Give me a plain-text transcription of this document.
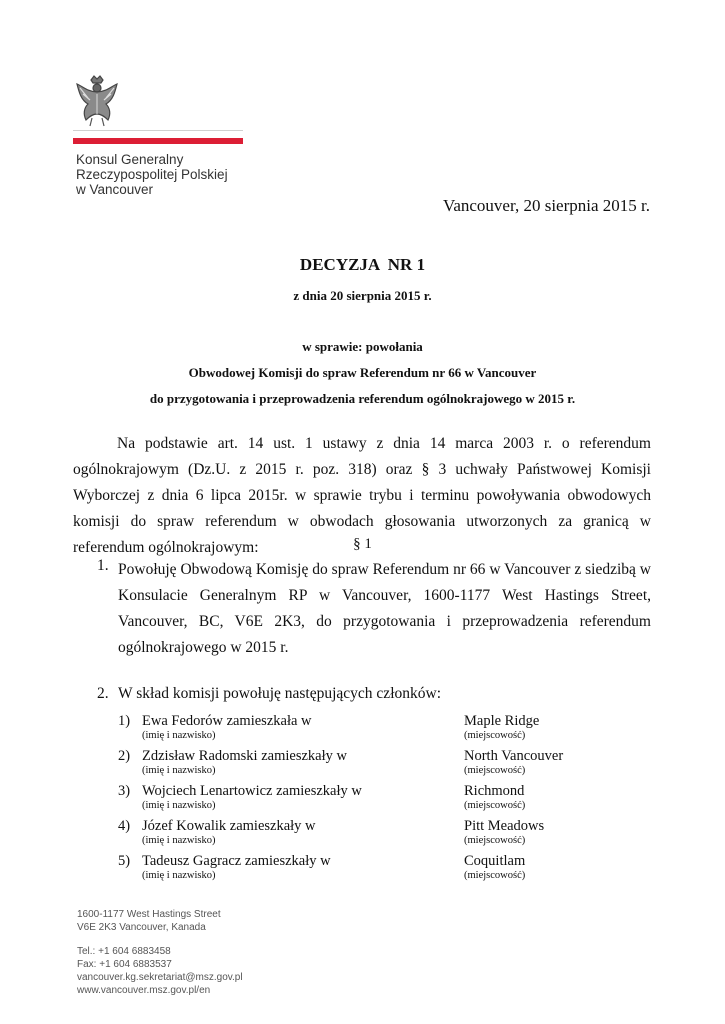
Konsul Generalny
Rzeczypospolitej Polskiej
w Vancouver
Vancouver, 20 sierpnia 2015 r.
DECYZJA  NR 1
z dnia 20 sierpnia 2015 r.
w sprawie: powołania
Obwodowej Komisji do spraw Referendum nr 66 w Vancouver
do przygotowania i przeprowadzenia referendum ogólnokrajowego w 2015 r.
Na podstawie art. 14 ust. 1 ustawy z dnia 14 marca 2003 r. o referendum ogólnokrajowym (Dz.U. z 2015 r. poz. 318) oraz § 3 uchwały Państwowej Komisji Wyborczej z dnia 6 lipca 2015r. w sprawie trybu i terminu powoływania obwodowych komisji do spraw referendum w obwodach głosowania utworzonych za granicą w referendum ogólnokrajowym:	§ 1
1. Powołuję Obwodową Komisję do spraw Referendum nr 66 w Vancouver z siedzibą w Konsulacie Generalnym RP w Vancouver, 1600-1177 West Hastings Street, Vancouver, BC, V6E 2K3, do przygotowania i przeprowadzenia referendum ogólnokrajowego w 2015 r.
2. W skład komisji powołuję następujących członków:
1) Ewa Fedorów zamieszkała w
(imię i nazwisko)
Maple Ridge
(miejscowość)
2) Zdzisław Radomski zamieszkały w
(imię i nazwisko)
North Vancouver
(miejscowość)
3) Wojciech Lenartowicz zamieszkały w
(imię i nazwisko)
Richmond
(miejscowość)
4) Józef Kowalik zamieszkały w
(imię i nazwisko)
Pitt Meadows
(miejscowość)
5) Tadeusz Gagracz zamieszkały w
(imię i nazwisko)
Coquitlam
(miejscowość)
1600-1177 West Hastings Street
V6E 2K3 Vancouver, Kanada
Tel.: +1 604 6883458
Fax: +1 604 6883537
vancouver.kg.sekretariat@msz.gov.pl
www.vancouver.msz.gov.pl/en
